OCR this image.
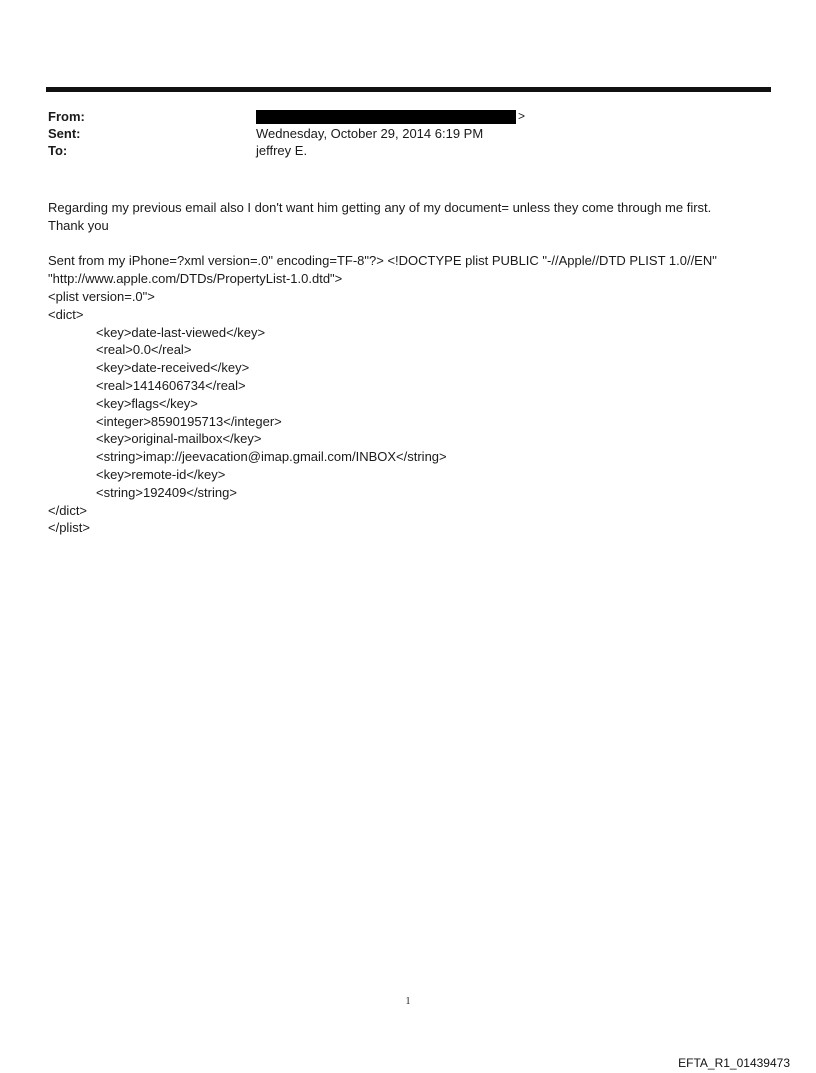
From:	>
Sent:	Wednesday, October 29, 2014 6:19 PM
To:	jeffrey E.

Regarding my previous email also I don't want him getting any of my document= unless they come through me first.

Thank you

Sent from my iPhone=?xml version=.0" encoding=TF-8"?> <!DOCTYPE plist PUBLIC "-//Apple//DTD PLIST 1.0//EN"

"http://www.apple.com/DTDs/PropertyList-1.0.dtd">

<plist version=.0">

<dict>

<key>date-last-viewed</key>

<real>0.0</real>

<key>date-received</key>

<real>1414606734</real>

<key>flags</key>

<integer>8590195713</integer>

<key>original-mailbox</key>

<string>imap://jeevacation@imap.gmail.com/INBOX</string>

<key>remote-id</key>

<string>192409</string>

</dict>

</plist>

1
EFTA_R1_01439473
